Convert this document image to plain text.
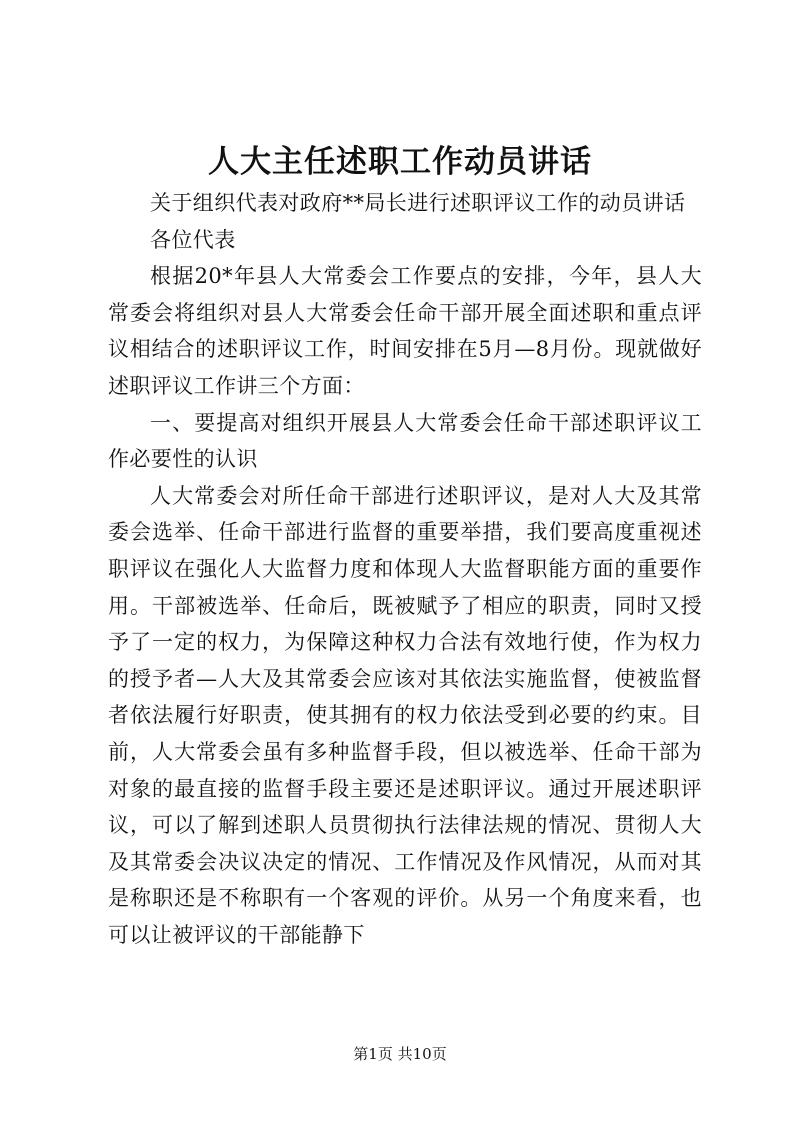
人大主任述职工作动员讲话

关于组织代表对政府**局长进行述职评议工作的动员讲话

各位代表

根据20*年县人大常委会工作要点的安排，今年，县人大常委会将组织对县人大常委会任命干部开展全面述职和重点评议相结合的述职评议工作，时间安排在5月—8月份。现就做好述职评议工作讲三个方面：

一、要提高对组织开展县人大常委会任命干部述职评议工作必要性的认识

人大常委会对所任命干部进行述职评议，是对人大及其常委会选举、任命干部进行监督的重要举措，我们要高度重视述职评议在强化人大监督力度和体现人大监督职能方面的重要作用。干部被选举、任命后，既被赋予了相应的职责，同时又授予了一定的权力，为保障这种权力合法有效地行使，作为权力的授予者—人大及其常委会应该对其依法实施监督，使被监督者依法履行好职责，使其拥有的权力依法受到必要的约束。目前，人大常委会虽有多种监督手段，但以被选举、任命干部为对象的最直接的监督手段主要还是述职评议。通过开展述职评议，可以了解到述职人员贯彻执行法律法规的情况、贯彻人大及其常委会决议决定的情况、工作情况及作风情况，从而对其是称职还是不称职有一个客观的评价。从另一个角度来看，也可以让被评议的干部能静下

第1页 共10页
